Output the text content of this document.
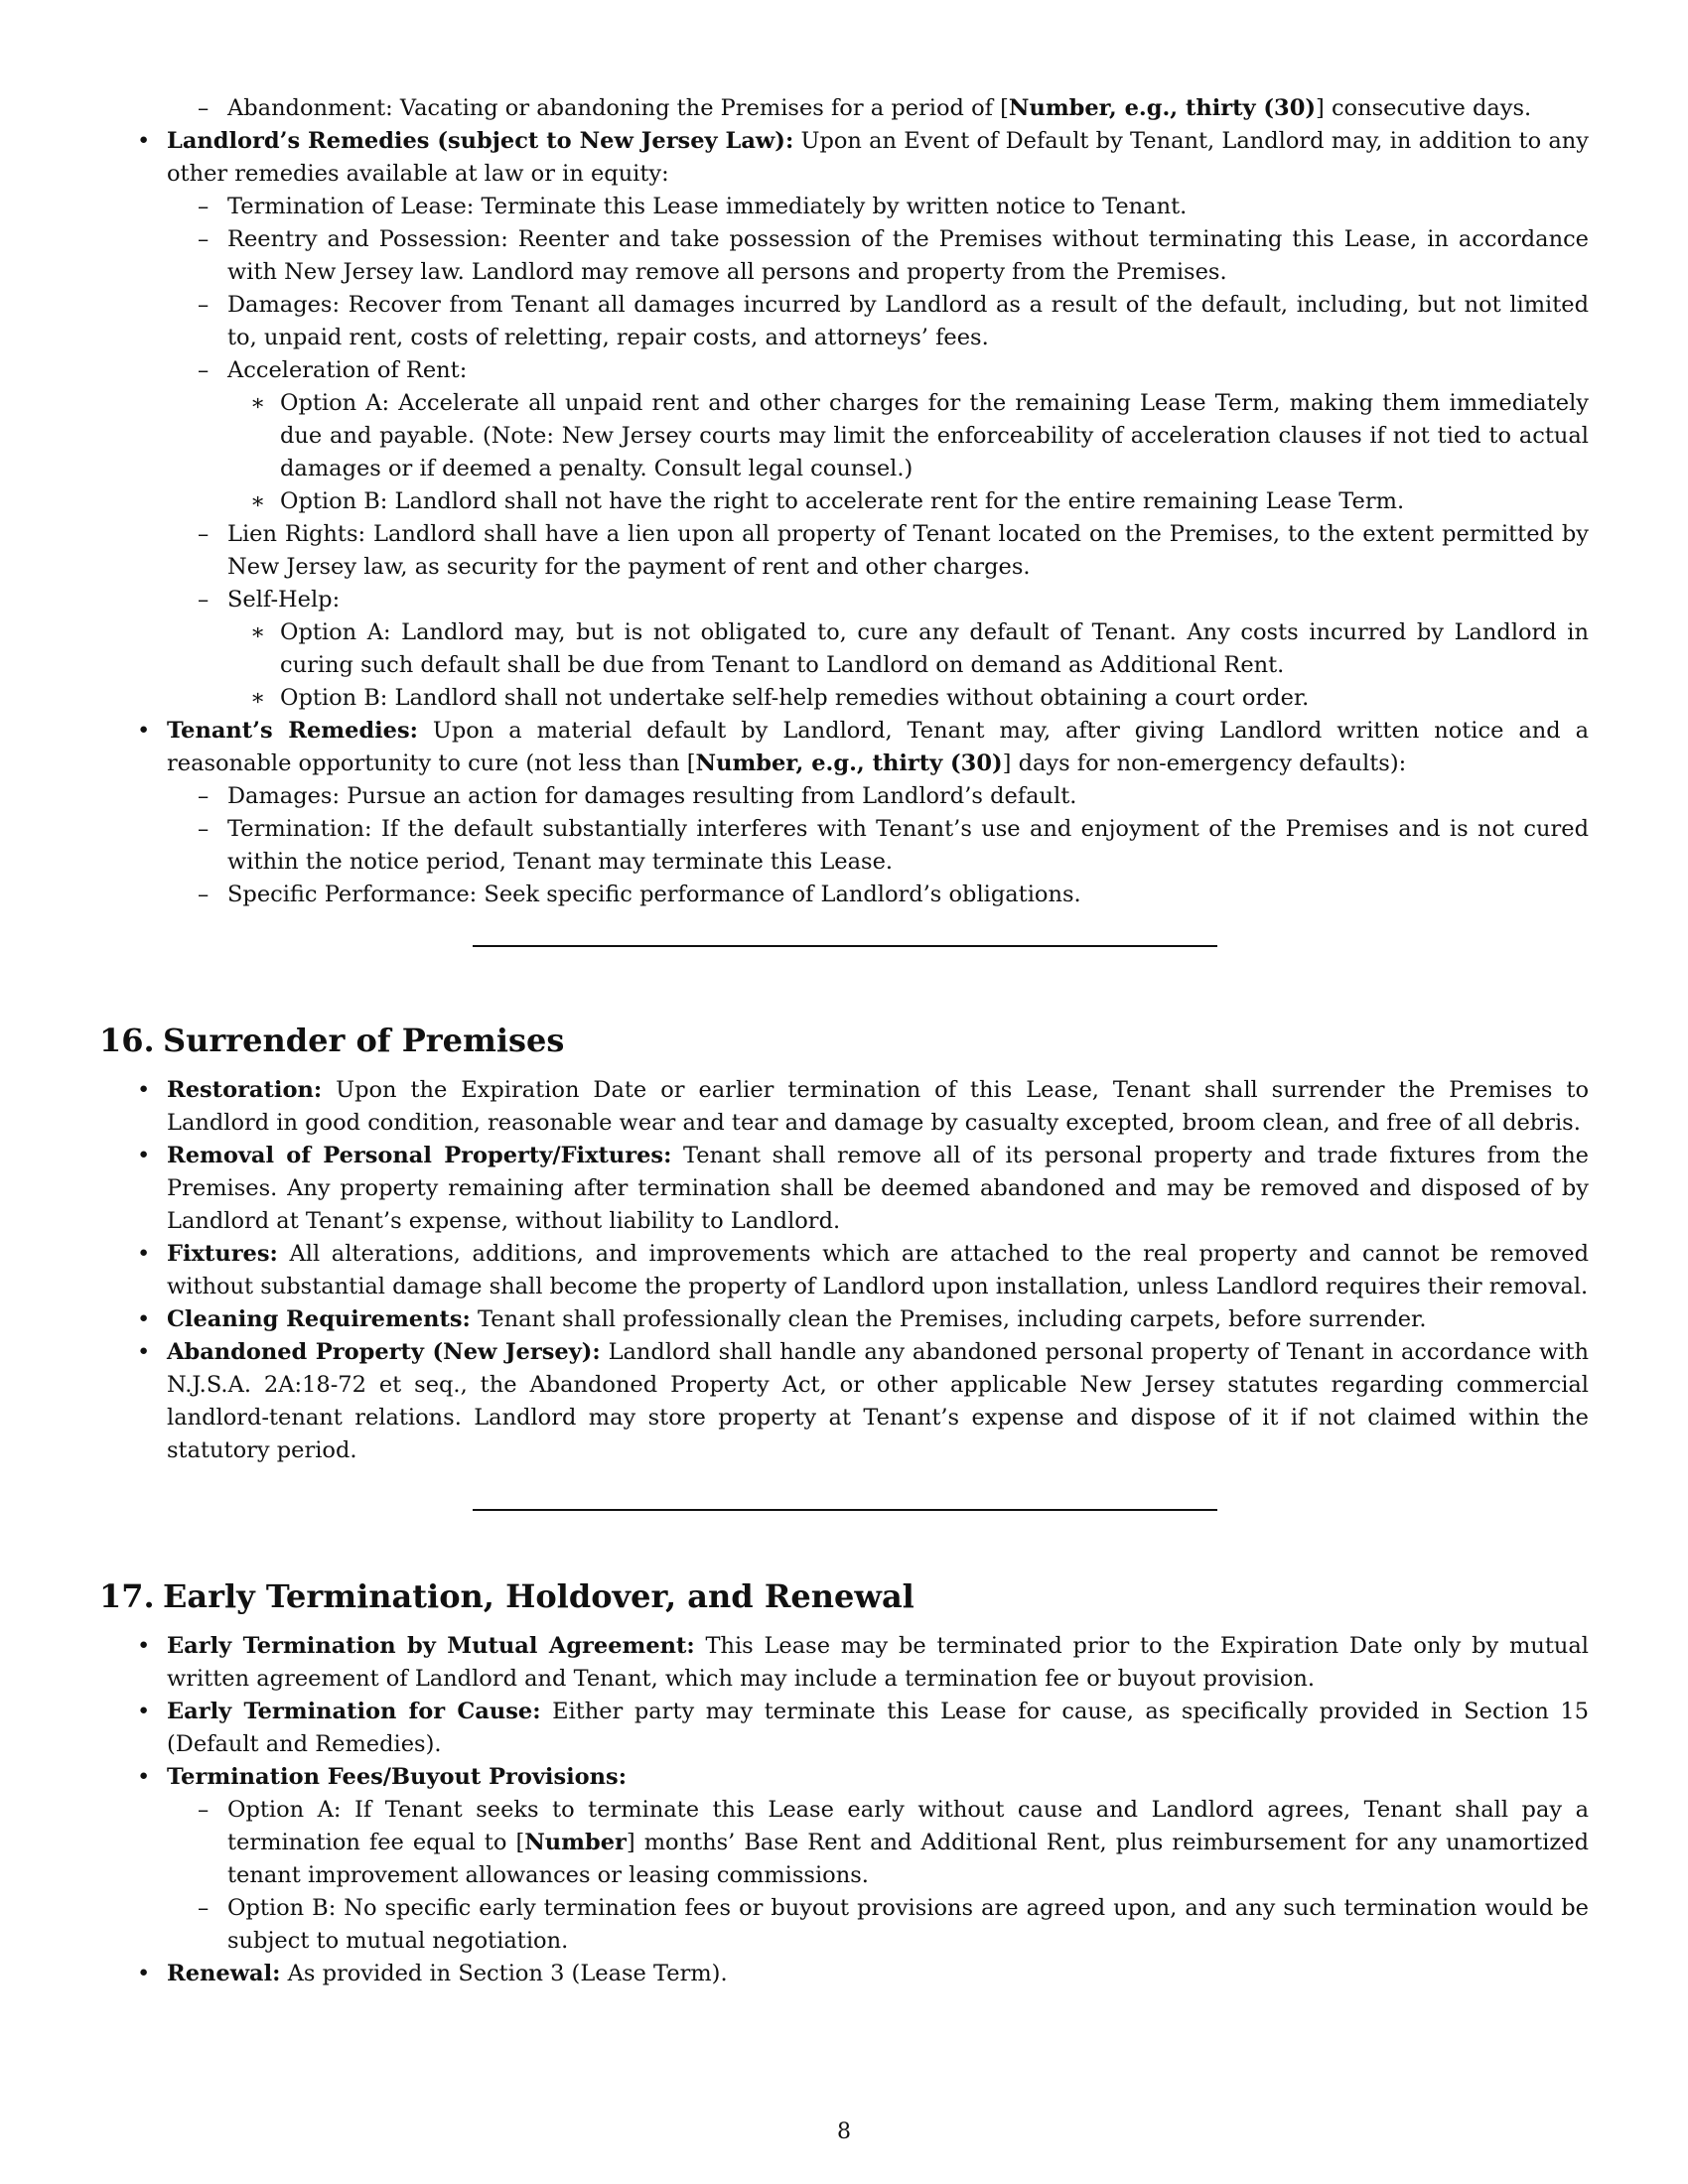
– Abandonment: Vacating or abandoning the Premises for a period of [Number, e.g., thirty (30)] consecutive days.
• Landlord’s Remedies (subject to New Jersey Law): Upon an Event of Default by Tenant, Landlord may, in addition to any other remedies available at law or in equity:
– Termination of Lease: Terminate this Lease immediately by written notice to Tenant.
– Reentry and Possession: Reenter and take possession of the Premises without terminating this Lease, in accordance with New Jersey law. Landlord may remove all persons and property from the Premises.
– Damages: Recover from Tenant all damages incurred by Landlord as a result of the default, including, but not limited to, unpaid rent, costs of reletting, repair costs, and attorneys’ fees.
– Acceleration of Rent:
∗ Option A: Accelerate all unpaid rent and other charges for the remaining Lease Term, making them immediately due and payable. (Note: New Jersey courts may limit the enforceability of acceleration clauses if not tied to actual damages or if deemed a penalty. Consult legal counsel.)
∗ Option B: Landlord shall not have the right to accelerate rent for the entire remaining Lease Term.
– Lien Rights: Landlord shall have a lien upon all property of Tenant located on the Premises, to the extent permitted by New Jersey law, as security for the payment of rent and other charges.
– Self-Help:
∗ Option A: Landlord may, but is not obligated to, cure any default of Tenant. Any costs incurred by Landlord in curing such default shall be due from Tenant to Landlord on demand as Additional Rent.
∗ Option B: Landlord shall not undertake self-help remedies without obtaining a court order.
• Tenant’s Remedies: Upon a material default by Landlord, Tenant may, after giving Landlord written notice and a reasonable opportunity to cure (not less than [Number, e.g., thirty (30)] days for non-emergency defaults):
– Damages: Pursue an action for damages resulting from Landlord’s default.
– Termination: If the default substantially interferes with Tenant’s use and enjoyment of the Premises and is not cured within the notice period, Tenant may terminate this Lease.
– Specific Performance: Seek specific performance of Landlord’s obligations.
16. Surrender of Premises
• Restoration: Upon the Expiration Date or earlier termination of this Lease, Tenant shall surrender the Premises to Landlord in good condition, reasonable wear and tear and damage by casualty excepted, broom clean, and free of all debris.
• Removal of Personal Property/Fixtures: Tenant shall remove all of its personal property and trade fixtures from the Premises. Any property remaining after termination shall be deemed abandoned and may be removed and disposed of by Landlord at Tenant’s expense, without liability to Landlord.
• Fixtures: All alterations, additions, and improvements which are attached to the real property and cannot be removed without substantial damage shall become the property of Landlord upon installation, unless Landlord requires their removal.
• Cleaning Requirements: Tenant shall professionally clean the Premises, including carpets, before surrender.
• Abandoned Property (New Jersey): Landlord shall handle any abandoned personal property of Tenant in accordance with N.J.S.A. 2A:18-72 et seq., the Abandoned Property Act, or other applicable New Jersey statutes regarding commercial landlord-tenant relations. Landlord may store property at Tenant’s expense and dispose of it if not claimed within the statutory period.
17. Early Termination, Holdover, and Renewal
• Early Termination by Mutual Agreement: This Lease may be terminated prior to the Expiration Date only by mutual written agreement of Landlord and Tenant, which may include a termination fee or buyout provision.
• Early Termination for Cause: Either party may terminate this Lease for cause, as specifically provided in Section 15 (Default and Remedies).
• Termination Fees/Buyout Provisions:
– Option A: If Tenant seeks to terminate this Lease early without cause and Landlord agrees, Tenant shall pay a termination fee equal to [Number] months’ Base Rent and Additional Rent, plus reimbursement for any unamortized tenant improvement allowances or leasing commissions.
– Option B: No specific early termination fees or buyout provisions are agreed upon, and any such termination would be subject to mutual negotiation.
• Renewal: As provided in Section 3 (Lease Term).
8
